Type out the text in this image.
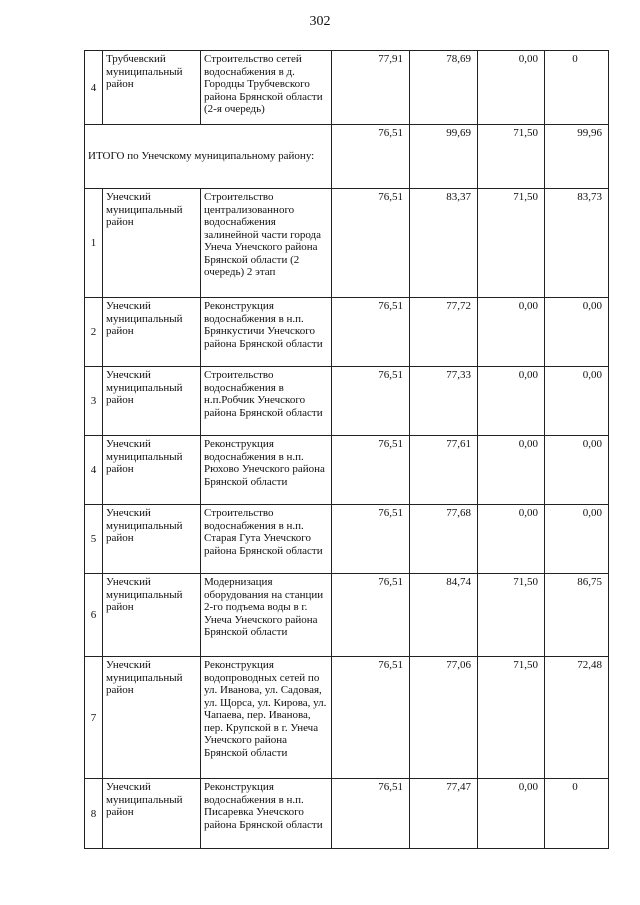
302
4	Трубчевский муниципальный район	Строительство сетей водоснабжения в д. Городцы Трубчевского района Брянской области (2-я очередь)	77,91	78,69	0,00	0
ИТОГО по Унечскому муниципальному району:			76,51	99,69	71,50	99,96
1	Унечский муниципальный район	Строительство централизованного водоснабжения залинейной части города Унеча Унечского района Брянской области (2 очередь) 2 этап	76,51	83,37	71,50	83,73
2	Унечский муниципальный район	Реконструкция водоснабжения в н.п. Брянкустичи Унечского района Брянской области	76,51	77,72	0,00	0,00
3	Унечский муниципальный район	Строительство водоснабжения в н.п.Робчик Унечского района Брянской области	76,51	77,33	0,00	0,00
4	Унечский муниципальный район	Реконструкция водоснабжения в н.п. Рюхово Унечского района Брянской области	76,51	77,61	0,00	0,00
5	Унечский муниципальный район	Строительство водоснабжения в н.п. Старая Гута Унечского района Брянской области	76,51	77,68	0,00	0,00
6	Унечский муниципальный район	Модернизация оборудования на станции 2-го подъема воды в г. Унеча Унечского района Брянской области	76,51	84,74	71,50	86,75
7	Унечский муниципальный район	Реконструкция водопроводных сетей по ул. Иванова, ул. Садовая, ул. Щорса, ул. Кирова, ул. Чапаева, пер. Иванова, пер. Крупской в г. Унеча Унечского района Брянской области	76,51	77,06	71,50	72,48
8	Унечский муниципальный район	Реконструкция водоснабжения в н.п. Писаревка Унечского района Брянской области	76,51	77,47	0,00	0
